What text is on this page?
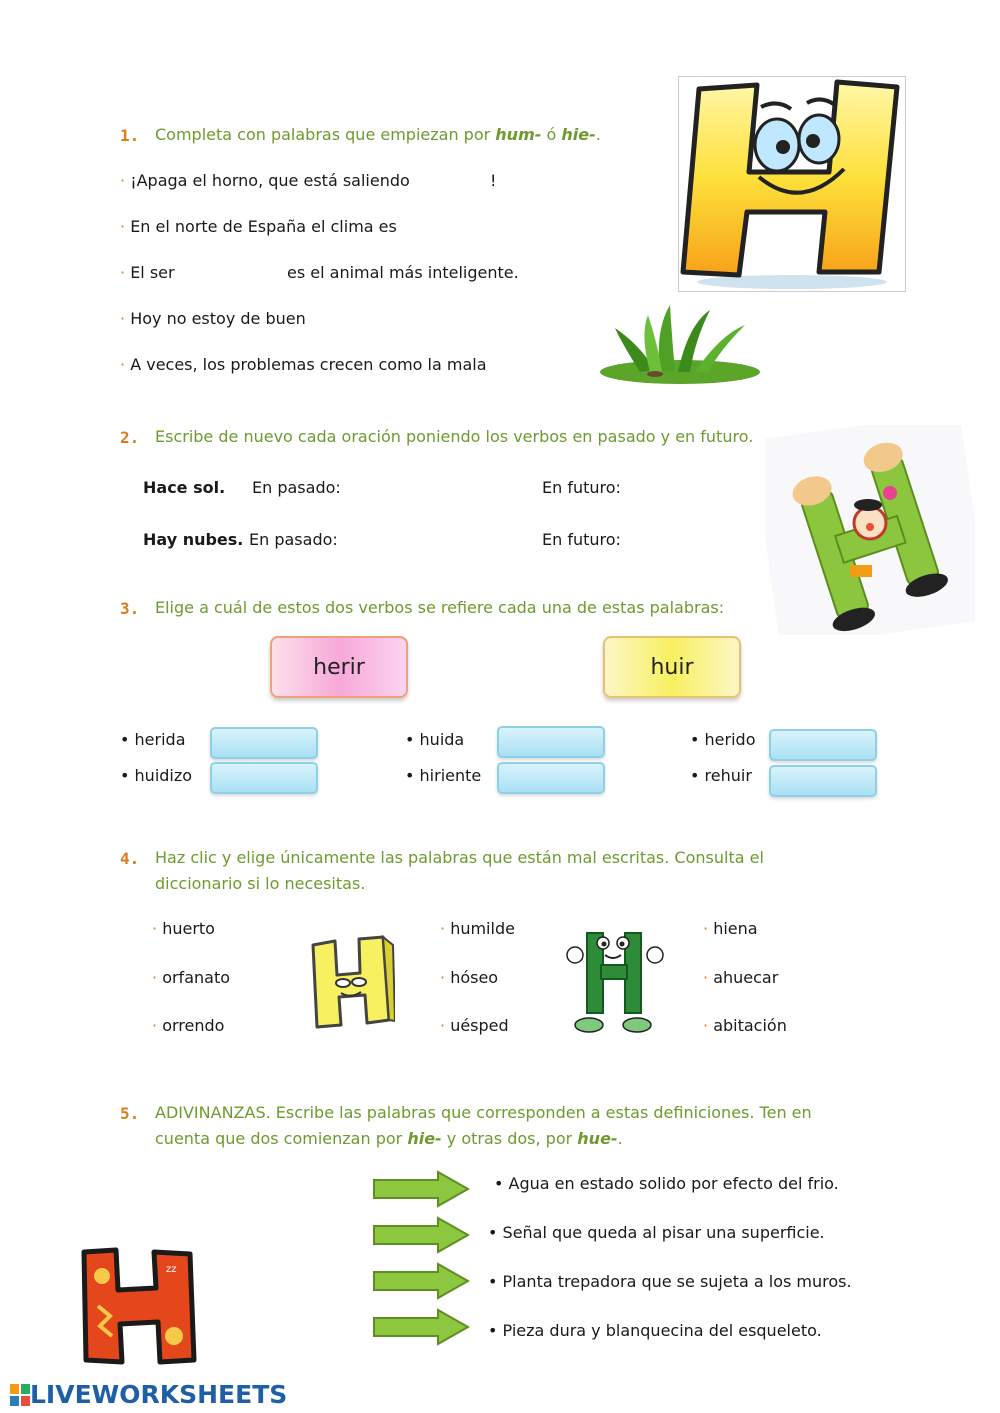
1. Completa con palabras que empiezan por hum- ó hie-.
· ¡Apaga el horno, que está saliendo	!
· En el norte de España el clima es
· El ser	es el animal más inteligente.
· Hoy no estoy de buen
· A veces, los problemas crecen como la mala
2. Escribe de nuevo cada oración poniendo los verbos en pasado y en futuro.
Hace sol. En pasado:	En futuro:
Hay nubes. En pasado:	En futuro:
3. Elige a cuál de estos dos verbos se refiere cada una de estas palabras:
herir	huir
• herida	• huida	• herido
• huidizo	• hiriente	• rehuir
4. Haz clic y elige únicamente las palabras que están mal escritas. Consulta el
diccionario si lo necesitas.
· huerto	· humilde	· hiena
· orfanato	· hóseo	· ahuecar
· orrendo	· uésped	· abitación
5. ADIVINANZAS. Escribe las palabras que corresponden a estas definiciones. Ten en
cuenta que dos comienzan por hie- y otras dos, por hue-.
• Agua en estado solido por efecto del frio.
• Señal que queda al pisar una superficie.
• Planta trepadora que se sujeta a los muros.
• Pieza dura y blanquecina del esqueleto.
zz
LIVEWORKSHEETS
